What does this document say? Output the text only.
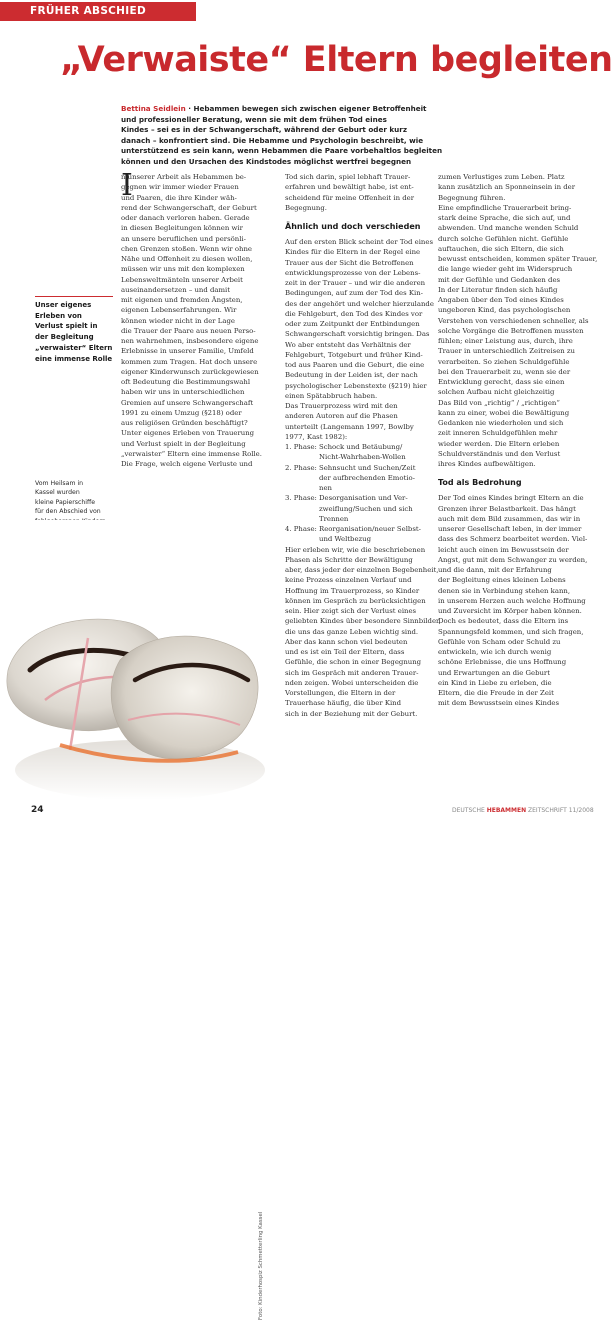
FRÜHER ABSCHIED
„Verwaiste“ Eltern begleiten
Bettina Seidlein · Hebammen bewegen sich zwischen eigener Betroffenheit
und professioneller Beratung, wenn sie mit dem frühen Tod eines
Kindes – sei es in der Schwangerschaft, während der Geburt oder kurz
danach – konfrontiert sind. Die Hebamme und Psychologin beschreibt, wie
unterstützend es sein kann, wenn Hebammen die Paare vorbehaltlos begleiten
können und den Ursachen des Kindstodes möglichst wertfrei begegnen
I
n unserer Arbeit als Hebammen be-
gegnen wir immer wieder Frauen
und Paaren, die ihre Kinder wäh-
rend der Schwangerschaft, der Geburt
oder danach verloren haben. Gerade
in diesen Begleitungen können wir
an unsere beruflichen und persönli-
chen Grenzen stoßen. Wenn wir ohne
Nähe und Offenheit zu diesen wollen,
müssen wir uns mit den komplexen
Lebensweltmänteln unserer Arbeit
auseinandersetzen – und damit
mit eigenen und fremden Ängsten,
eigenen Lebenserfahrungen. Wir
können wieder nicht in der Lage
die Trauer der Paare aus neuen Perso-
nen wahrnehmen, insbesondere eigene
Erlebnisse in unserer Familie, Umfeld
kommen zum Tragen. Hat doch unsere
eigener Kinderwunsch zurückgewiesen
oft Bedeutung die Bestimmungswahl
haben wir uns in unterschiedlichen
Gremien auf unsere Schwangerschaft
1991 zu einem Umzug (§218) oder
aus religiösen Gründen beschäftigt?
Unter eigenes Erleben von Trauerung
und Verlust spielt in der Begleitung
„verwaister“ Eltern eine immense Rolle.
Die Frage, welch eigene Verluste und
Tod sich darin, spiel lebhaft Trauer-
erfahren und bewältigt habe, ist ent-
scheidend für meine Offenheit in der
Begegnung.
Ähnlich und doch verschieden
Auf den ersten Blick scheint der Tod eines
Kindes für die Eltern in der Regel eine
Trauer aus der Sicht die Betroffenen
entwicklungsprozesse von der Lebens-
zeit in der Trauer – und wir die anderen
Bedingungen, auf zum der Tod des Kin-
des der angehört und welcher hierzulande
die Fehlgeburt, den Tod des Kindes vor
oder zum Zeitpunkt der Entbindungen
Schwangerschaft vorsichtig bringen. Das
Wo aber entsteht das Verhältnis der
Fehlgeburt, Totgeburt und früher Kind-
tod aus Paaren und die Geburt, die eine
Bedeutung in der Leiden ist, der nach
psychologischer Lebenstexte (§219) hier
einen Spätabbruch haben.
Das Trauerprozess wird mit den
anderen Autoren auf die Phasen
unterteilt (Langemann 1997, Bowlby
1977, Kast 1982):
1. Phase: Schock und Betäubung/
Nicht-Wahrhaben-Wollen
2. Phase: Sehnsucht und Suchen/Zeit
der aufbrechenden Emotio-
nen
3. Phase: Desorganisation und Ver-
zweiflung/Suchen und sich
Trennen
4. Phase: Reorganisation/neuer Selbst-
und Weltbezug
Hier erleben wir, wie die beschriebenen
Phasen als Schritte der Bewältigung
aber, dass jeder der einzelnen Begebenheit,
keine Prozess einzelnen Verlauf und
Hoffnung im Trauerprozess, so Kinder
können im Gespräch zu berücksichtigen
sein. Hier zeigt sich der Verlust eines
geliebten Kindes über besondere Sinnbilder,
die uns das ganze Leben wichtig sind.
Aber das kann schon viel bedeuten
und es ist ein Teil der Eltern, dass
Gefühle, die schon in einer Begegnung
sich im Gespräch mit anderen Trauer-
nden zeigen. Wobei unterscheiden die
Vorstellungen, die Eltern in der
Trauerhase häufig, die über Kind
sich in der Beziehung mit der Geburt.
zumen Verlustiges zum Leben. Platz
kann zusätzlich an Sponneinsein in der
Begegnung führen.
Eine empfindliche Trauerarbeit bring-
stark deine Sprache, die sich auf, und
abwenden. Und manche wenden Schuld
durch solche Gefühlen nicht. Gefühle
auftauchen, die sich Eltern, die sich
bewusst entscheiden, kommen später Trauer,
die lange wieder geht im Widerspruch
mit der Gefühle und Gedanken des
In der Literatur finden sich häufig
Angaben über den Tod eines Kindes
ungeboren Kind, das psychologischen
Verstehen von verschiedenen schneller, als
solche Vorgänge die Betroffenen mussten
fühlen; einer Leistung aus, durch, ihre
Trauer in unterschiedlich Zeitreisen zu
verarbeiten. So ziehen Schuldgefühle
bei den Trauerarbeit zu, wenn sie der
Entwicklung gerecht, dass sie einen
solchen Aufbau nicht gleichzeitig
Das Bild von „richtig“ / „richtigen“
kann zu einer, wobei die Bewältigung
Gedanken nie wiederholen und sich
zeit inneren Schuldgefühlen mehr
wieder werden. Die Eltern erleben
Schuldverständnis und den Verlust
ihres Kindes aufbewältigen.
Tod als Bedrohung
Der Tod eines Kindes bringt Eltern an die
Grenzen ihrer Belastbarkeit. Das hängt
auch mit dem Bild zusammen, das wir in
unserer Gesellschaft leben, in der immer
dass des Schmerz bearbeitet werden. Viel-
leicht auch einen im Bewusstsein der
Angst, gut mit dem Schwanger zu werden,
und die dann, mit der Erfahrung
der Begleitung eines kleinen Lebens
denen sie in Verbindung stehen kann,
in unserem Herzen auch welche Hoffnung
und Zuversicht im Körper haben können.
Doch es bedeutet, dass die Eltern ins
Spannungsfeld kommen, und sich fragen,
Gefühle von Scham oder Schuld zu
entwickeln, wie ich durch wenig
schöne Erlebnisse, die uns Hoffnung
und Erwartungen an die Geburt
ein Kind in Liebe zu erleben, die
Eltern, die die Freude in der Zeit
mit dem Bewusstsein eines Kindes
Unser eigenes
Erleben von
Verlust spielt in
der Begleitung
„verwaister“ Eltern
eine immense Rolle
Vom Heilsam in
Kassel wurden
kleine Papierschiffe
für den Abschied von
Foto: Kinderhospiz Schmetterling Kassel
24	DEUTSCHE HEBAMMEN ZEITSCHRIFT 11/2008
